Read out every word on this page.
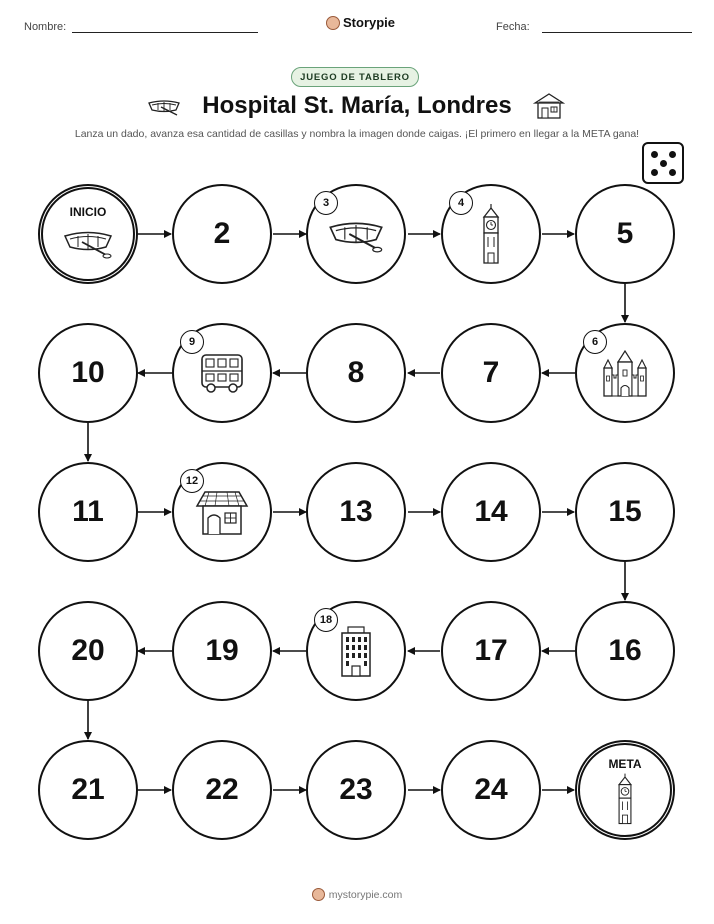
Nombre:	Storypie	Fecha:
JUEGO DE TABLERO
Hospital St. María, Londres
Lanza un dado, avanza esa cantidad de casillas y nombra la imagen donde caigas. ¡El primero en llegar a la META gana!
INICIO
2
3	4
5
6
7
8
9
10
11
12
13	14	15
16
17
18
19
20
21	22	23	24
META
mystorypie.com
